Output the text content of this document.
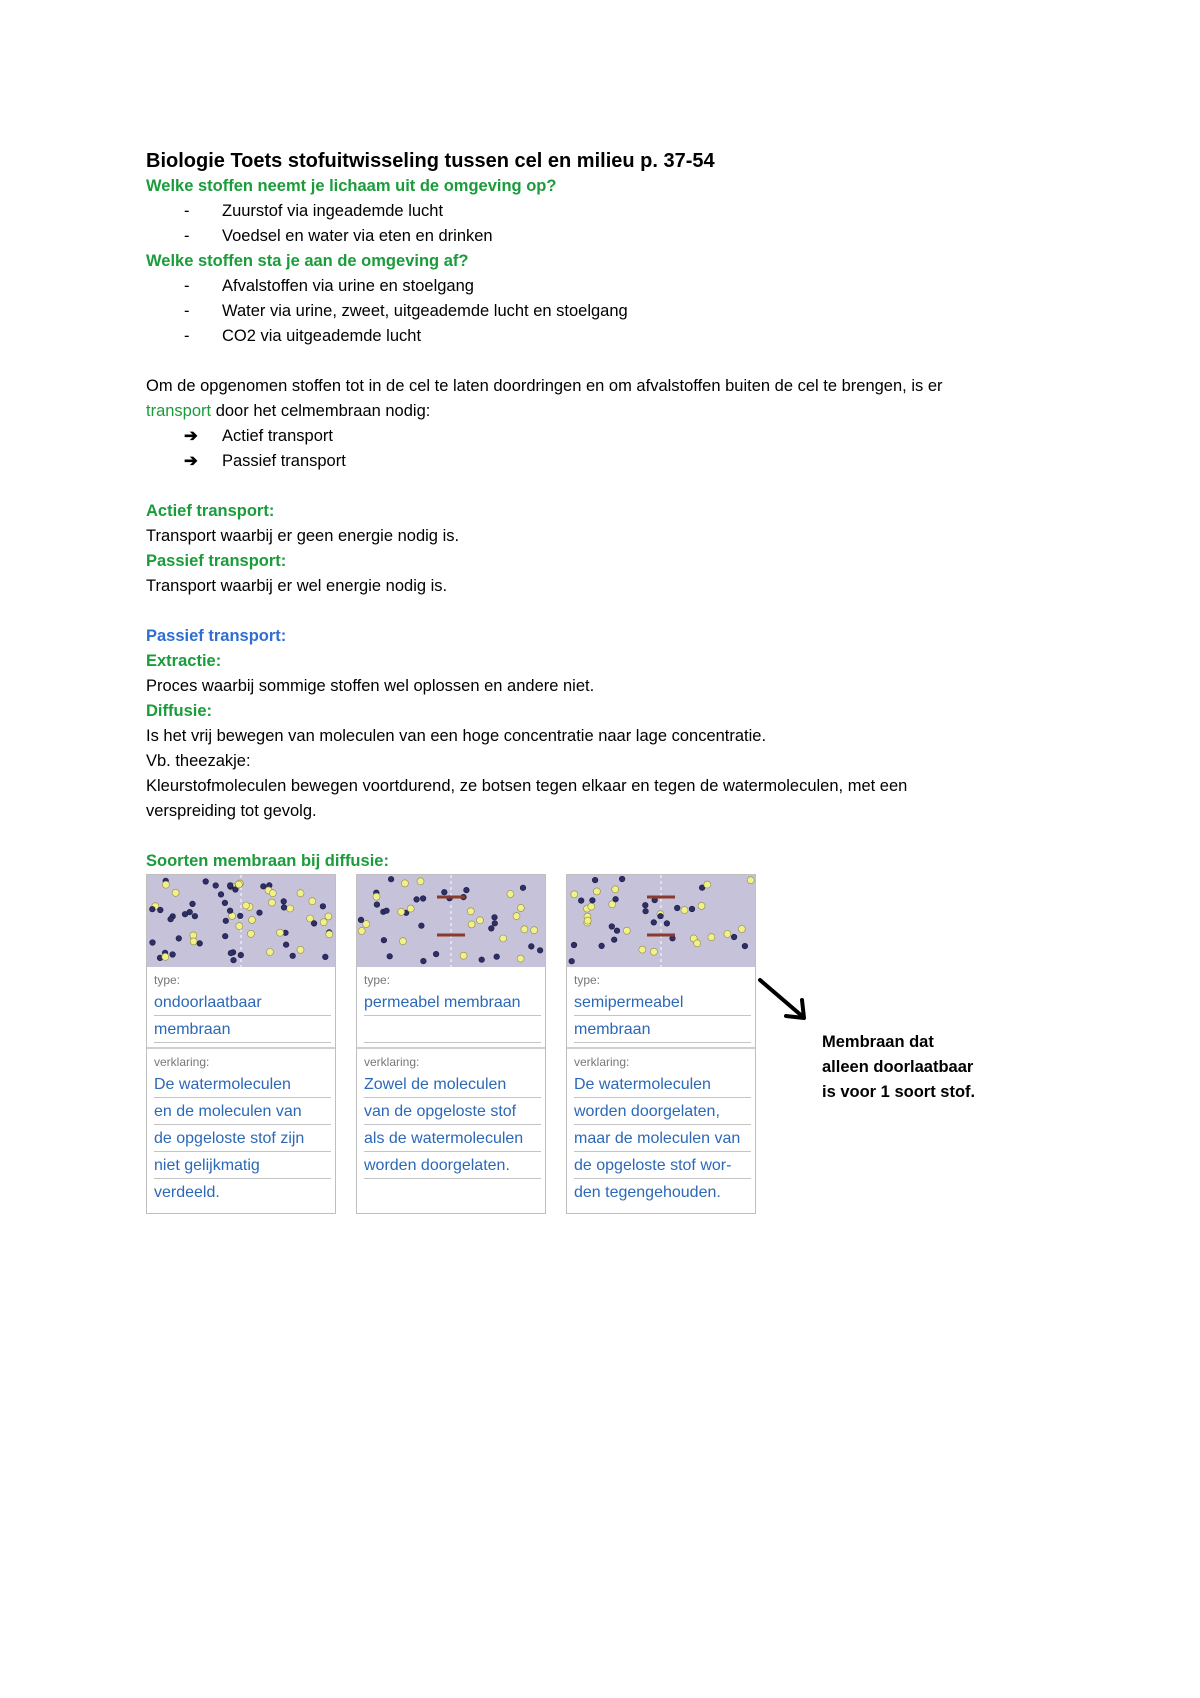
Biologie Toets stofuitwisseling tussen cel en milieu p. 37-54
Welke stoffen neemt je lichaam uit de omgeving op?
-	Zuurstof via ingeademde lucht
-	Voedsel en water via eten en drinken
Welke stoffen sta je aan de omgeving af?
-	Afvalstoffen via urine en stoelgang
-	Water via urine, zweet, uitgeademde lucht en stoelgang
-	CO2 via uitgeademde lucht
Om de opgenomen stoffen tot in de cel te laten doordringen en om afvalstoffen buiten de cel te brengen, is er
transport door het celmembraan nodig:
➔	Actief transport
➔	Passief transport
Actief transport:
Transport waarbij er geen energie nodig is.
Passief transport:
Transport waarbij er wel energie nodig is.
Passief transport:
Extractie:
Proces waarbij sommige stoffen wel oplossen en andere niet.
Diffusie:
Is het vrij bewegen van moleculen van een hoge concentratie naar lage concentratie.
Vb. theezakje:
Kleurstofmoleculen bewegen voortdurend, ze botsen tegen elkaar en tegen de watermoleculen, met een
verspreiding tot gevolg.
Soorten membraan bij diffusie:
type:
ondoorlaatbaar
membraan
verklaring:
De watermoleculen
en de moleculen van
de opgeloste stof zijn
niet gelijkmatig
verdeeld.
type:
permeabel membraan
verklaring:
Zowel de moleculen
van de opgeloste stof
als de watermoleculen
worden doorgelaten.
type:
semipermeabel
membraan
verklaring:
De watermoleculen
worden doorgelaten,
maar de moleculen van
de opgeloste stof wor-
den tegengehouden.
Membraan dat
alleen doorlaatbaar
is voor 1 soort stof.
